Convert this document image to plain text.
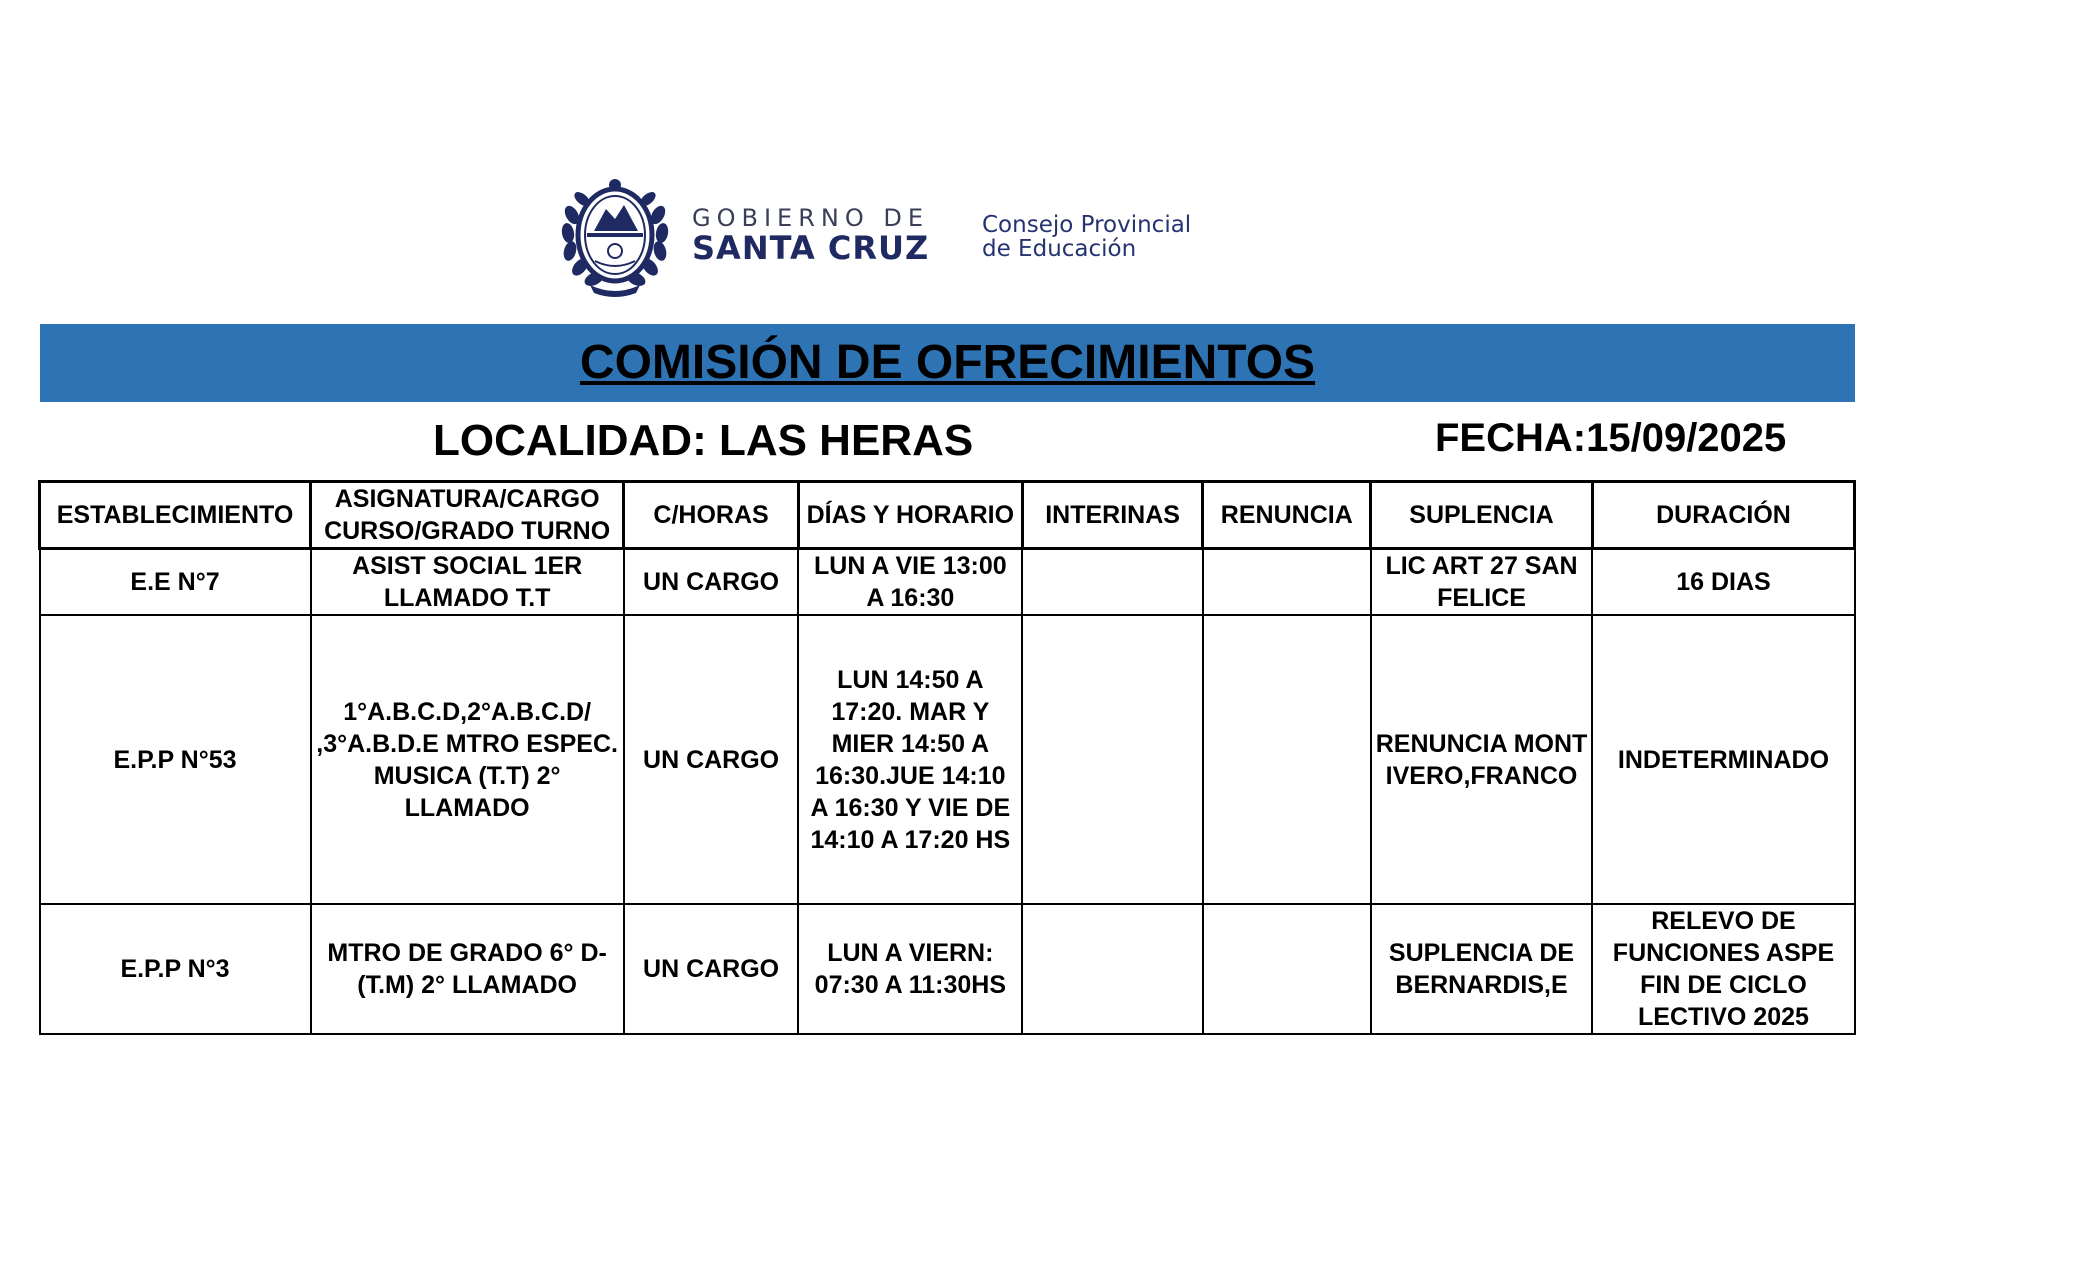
GOBIERNO DE
SANTA CRUZ
Consejo Provincial
de Educación
COMISIÓN DE OFRECIMIENTOS
LOCALIDAD: LAS HERAS	FECHA:15/09/2025
ESTABLECIMIENTO	ASIGNATURA/CARGO CURSO/GRADO TURNO	C/HORAS	DÍAS Y HORARIO	INTERINAS	RENUNCIA	SUPLENCIA	DURACIÓN
E.E N°7	ASIST SOCIAL 1ER LLAMADO T.T	UN CARGO	LUN A VIE 13:00 A 16:30			LIC ART 27 SAN FELICE	16 DIAS
E.P.P N°53	1°A.B.C.D,2°A.B.C.D/ ,3°A.B.D.E MTRO ESPEC. MUSICA (T.T) 2° LLAMADO	UN CARGO	LUN 14:50 A 17:20. MAR Y MIER 14:50 A 16:30.JUE 14:10 A 16:30 Y VIE DE 14:10 A 17:20 HS			RENUNCIA MONTIVERO,FRANCO	INDETERMINADO
E.P.P N°3	MTRO DE GRADO 6° D-(T.M) 2° LLAMADO	UN CARGO	LUN A VIERN: 07:30 A 11:30HS			SUPLENCIA DE BERNARDIS,E	RELEVO DE FUNCIONES ASPE FIN DE CICLO LECTIVO 2025
